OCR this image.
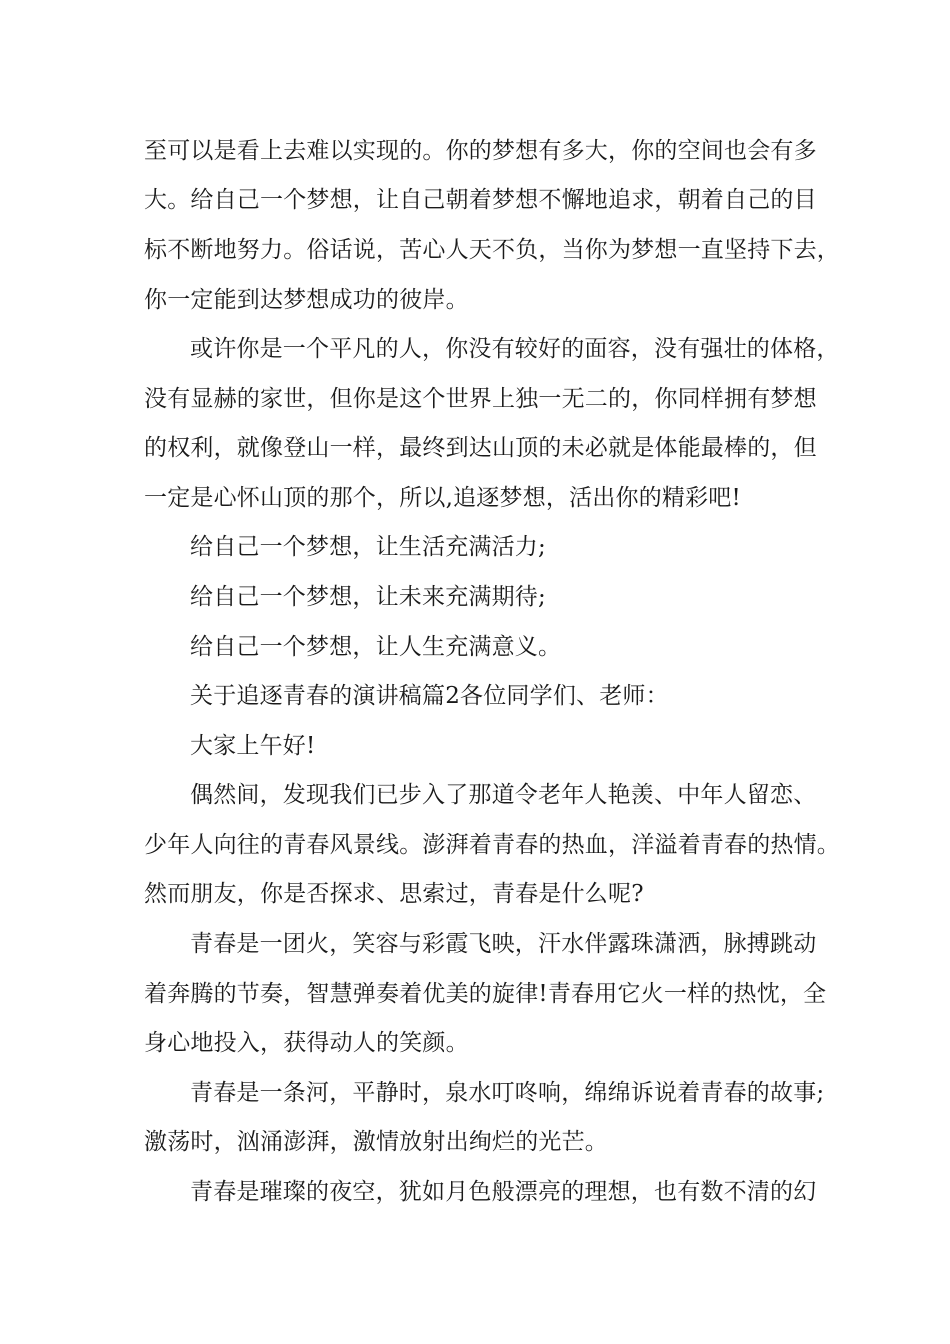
至可以是看上去难以实现的。你的梦想有多大，你的空间也会有多
大。给自己一个梦想，让自己朝着梦想不懈地追求，朝着自己的目
标不断地努力。俗话说，苦心人天不负，当你为梦想一直坚持下去，
你一定能到达梦想成功的彼岸。
或许你是一个平凡的人，你没有较好的面容，没有强壮的体格，
没有显赫的家世，但你是这个世界上独一无二的，你同样拥有梦想
的权利，就像登山一样，最终到达山顶的未必就是体能最棒的，但
一定是心怀山顶的那个，所以,追逐梦想，活出你的精彩吧!
给自己一个梦想，让生活充满活力;
给自己一个梦想，让未来充满期待;
给自己一个梦想，让人生充满意义。
关于追逐青春的演讲稿篇2各位同学们、老师：
大家上午好!
偶然间，发现我们已步入了那道令老年人艳羡、中年人留恋、
少年人向往的青春风景线。澎湃着青春的热血，洋溢着青春的热情。
然而朋友，你是否探求、思索过，青春是什么呢?
青春是一团火，笑容与彩霞飞映，汗水伴露珠潇洒，脉搏跳动
着奔腾的节奏，智慧弹奏着优美的旋律!青春用它火一样的热忱，全
身心地投入，获得动人的笑颜。
青春是一条河，平静时，泉水叮咚响，绵绵诉说着青春的故事;
激荡时，汹涌澎湃，激情放射出绚烂的光芒。
青春是璀璨的夜空，犹如月色般漂亮的理想，也有数不清的幻
